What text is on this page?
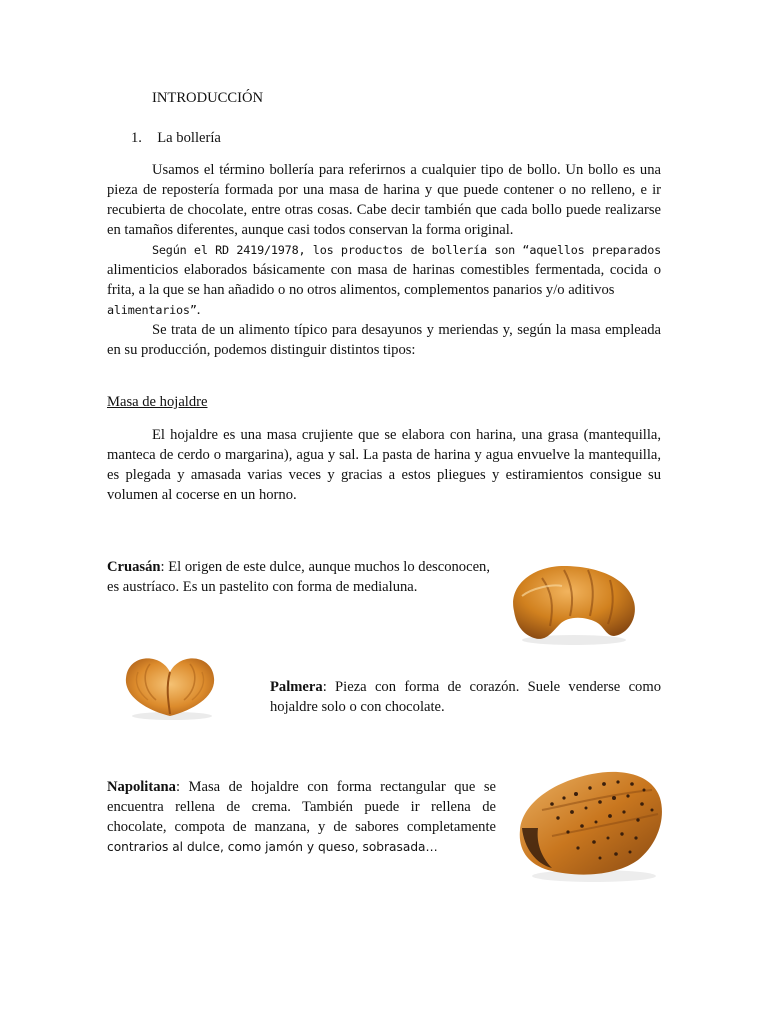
INTRODUCCIÓN

1. La bollería

Usamos el término bollería para referirnos a cualquier tipo de bollo. Un bollo es una pieza de repostería formada por una masa de harina y que puede contener o no relleno, e ir recubierta de chocolate, entre otras cosas. Cabe decir también que cada bollo puede realizarse en tamaños diferentes, aunque casi todos conservan la forma original.

Según el RD 2419/1978, los productos de bollería son “aquellos preparados
alimenticios elaborados básicamente con masa de harinas comestibles fermentada, cocida o frita, a la que se han añadido o no otros alimentos, complementos panarios y/o aditivos
alimentarios”.

Se trata de un alimento típico para desayunos y meriendas y, según la masa empleada en su producción, podemos distinguir distintos tipos:

Masa de hojaldre

El hojaldre es una masa crujiente que se elabora con harina, una grasa (mantequilla, manteca de cerdo o margarina), agua y sal. La pasta de harina y agua envuelve la mantequilla, es plegada y amasada varias veces y gracias a estos pliegues y estiramientos consigue su volumen al cocerse en un horno.

Cruasán: El origen de este dulce, aunque muchos lo desconocen, es austríaco. Es un pastelito con forma de medialuna.

Palmera: Pieza con forma de corazón. Suele venderse como hojaldre solo o con chocolate.

Napolitana: Masa de hojaldre con forma rectangular que se encuentra rellena de crema. También puede ir rellena de chocolate, compota de manzana, y de sabores completamente

contrarios al dulce, como jamón y queso, sobrasada…
